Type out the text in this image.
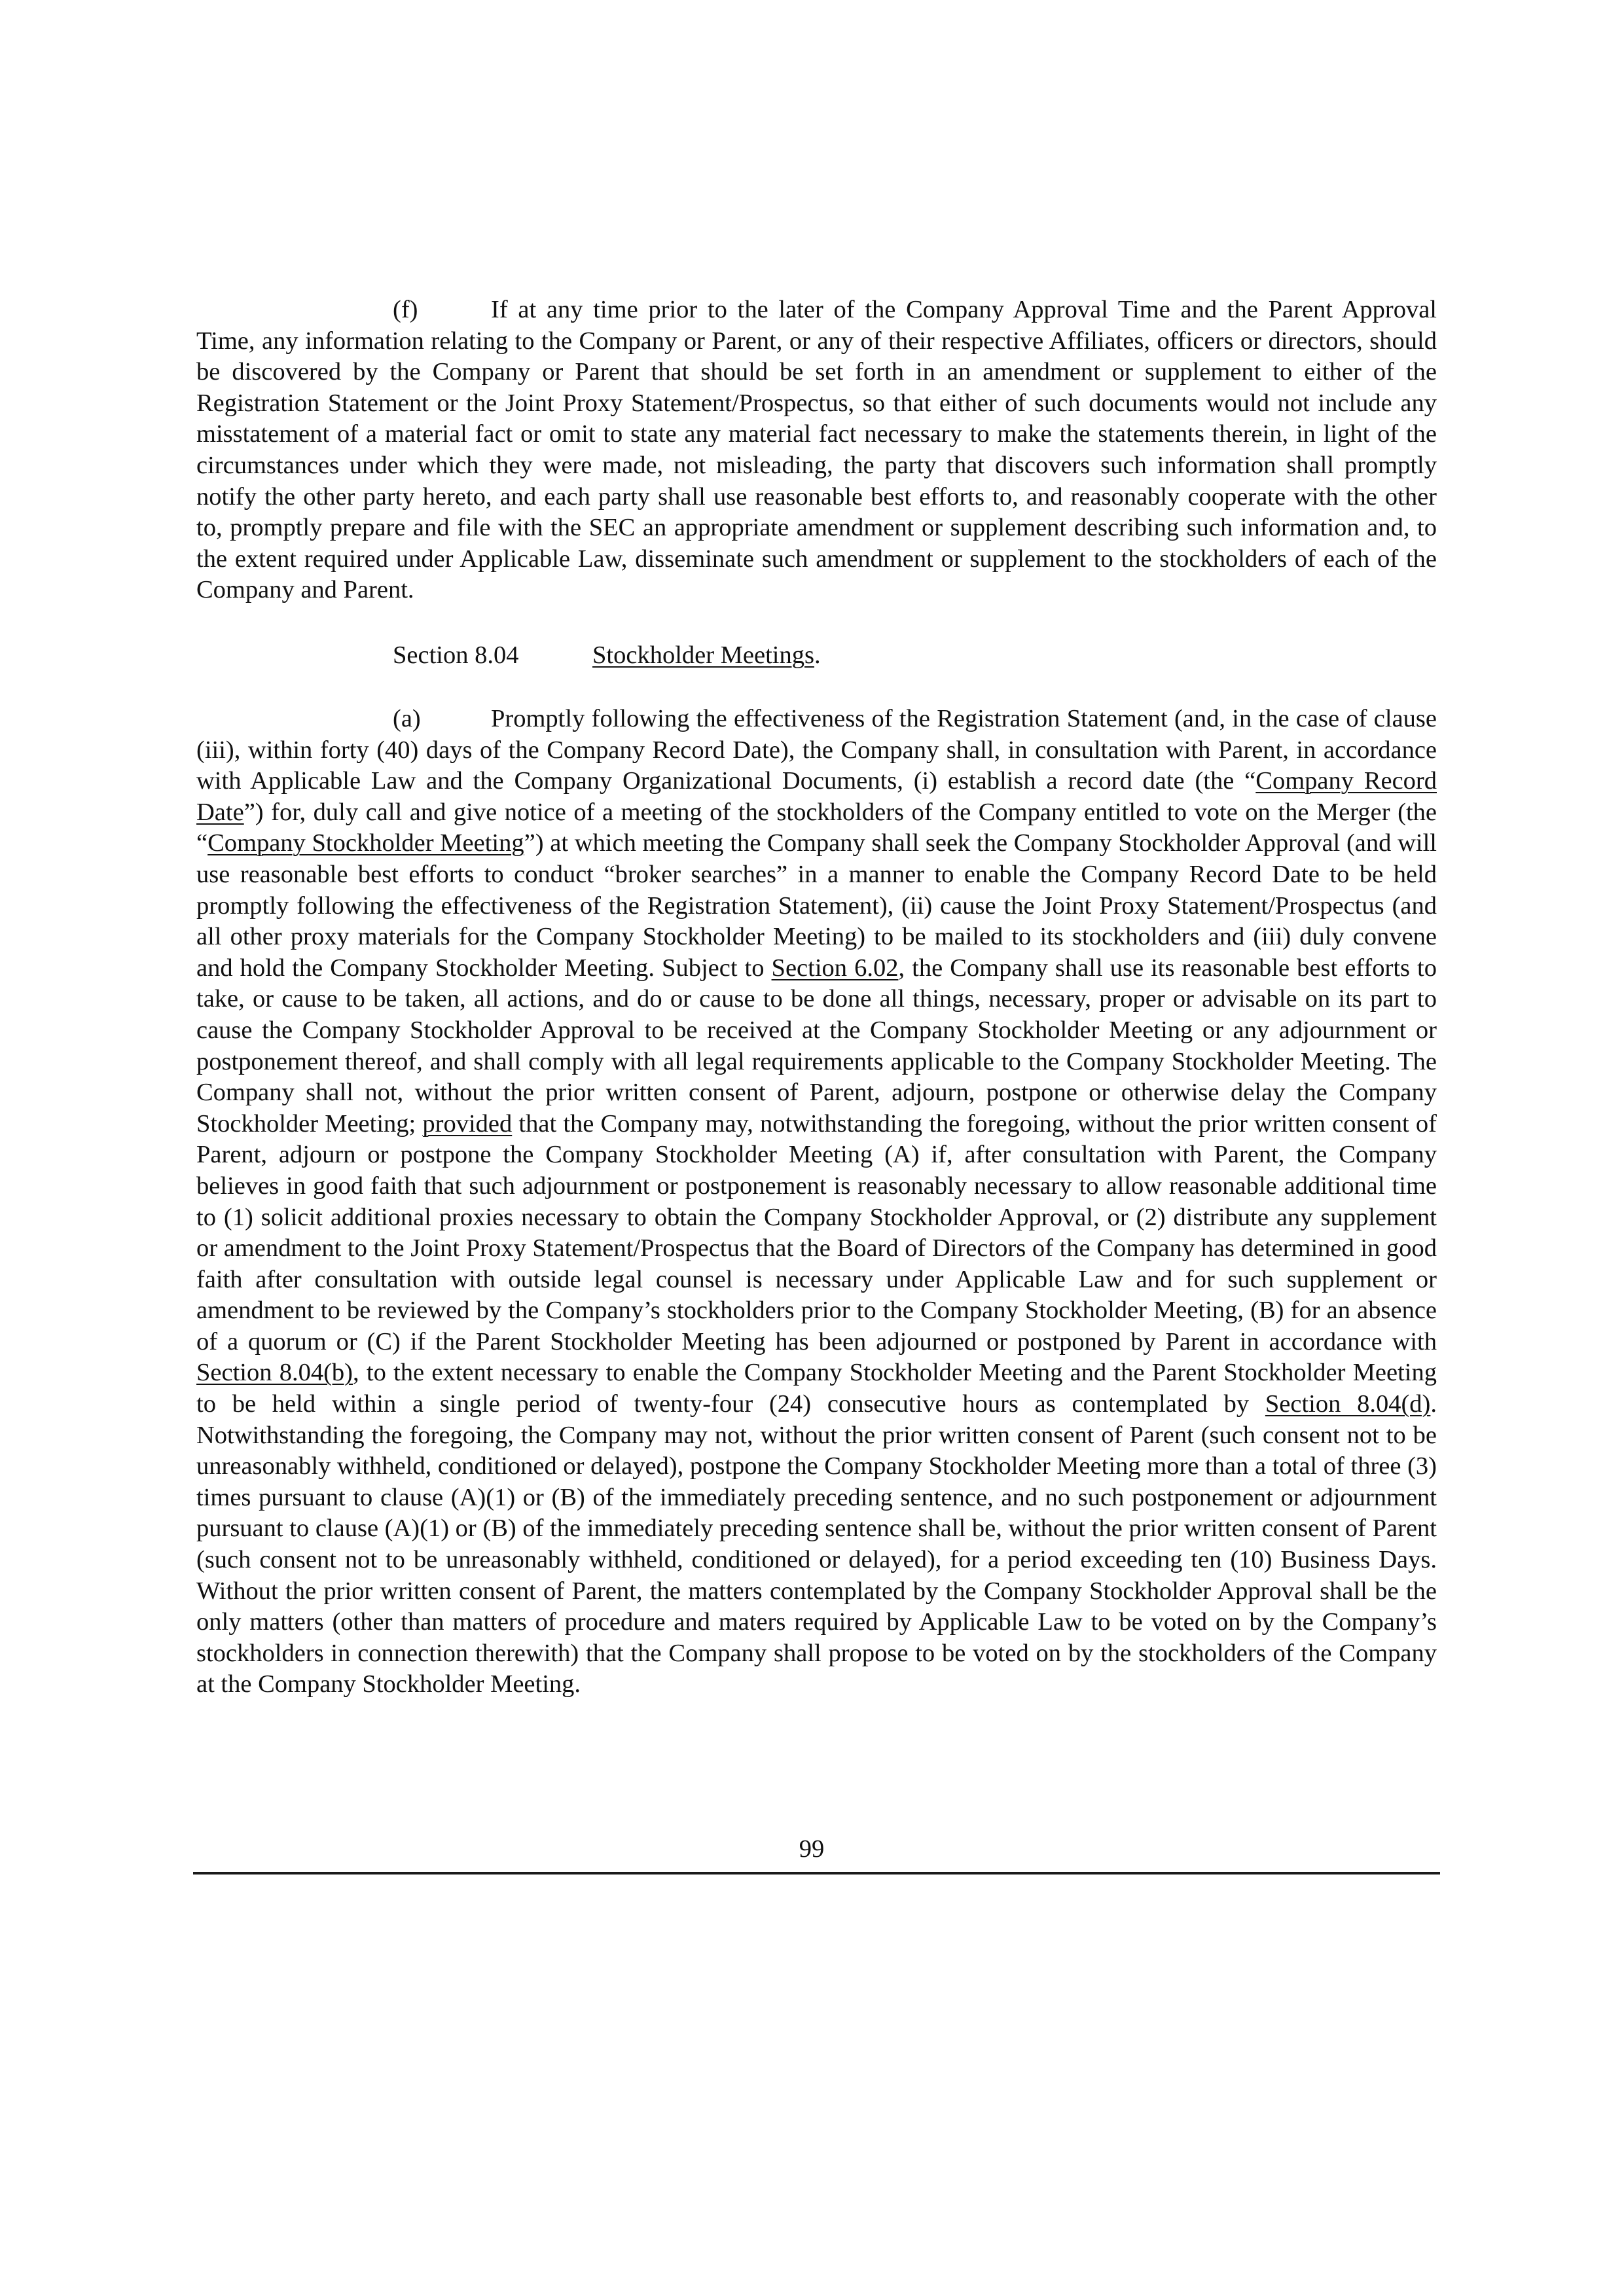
(f)	If at any time prior to the later of the Company Approval Time and the Parent Approval Time, any information relating to the Company or Parent, or any of their respective Affiliates, officers or directors, should be discovered by the Company or Parent that should be set forth in an amendment or supplement to either of the Registration Statement or the Joint Proxy Statement/Prospectus, so that either of such documents would not include any misstatement of a material fact or omit to state any material fact necessary to make the statements therein, in light of the circumstances under which they were made, not misleading, the party that discovers such information shall promptly notify the other party hereto, and each party shall use reasonable best efforts to, and reasonably cooperate with the other to, promptly prepare and file with the SEC an appropriate amendment or supplement describing such information and, to the extent required under Applicable Law, disseminate such amendment or supplement to the stockholders of each of the Company and Parent.

Section 8.04	Stockholder Meetings.

(a)	Promptly following the effectiveness of the Registration Statement (and, in the case of clause (iii), within forty (40) days of the Company Record Date), the Company shall, in consultation with Parent, in accordance with Applicable Law and the Company Organizational Documents, (i) establish a record date (the “Company Record Date”) for, duly call and give notice of a meeting of the stockholders of the Company entitled to vote on the Merger (the “Company Stockholder Meeting”) at which meeting the Company shall seek the Company Stockholder Approval (and will use reasonable best efforts to conduct “broker searches” in a manner to enable the Company Record Date to be held promptly following the effectiveness of the Registration Statement), (ii) cause the Joint Proxy Statement/Prospectus (and all other proxy materials for the Company Stockholder Meeting) to be mailed to its stockholders and (iii) duly convene and hold the Company Stockholder Meeting. Subject to Section 6.02, the Company shall use its reasonable best efforts to take, or cause to be taken, all actions, and do or cause to be done all things, necessary, proper or advisable on its part to cause the Company Stockholder Approval to be received at the Company Stockholder Meeting or any adjournment or postponement thereof, and shall comply with all legal requirements applicable to the Company Stockholder Meeting. The Company shall not, without the prior written consent of Parent, adjourn, postpone or otherwise delay the Company Stockholder Meeting; provided that the Company may, notwithstanding the foregoing, without the prior written consent of Parent, adjourn or postpone the Company Stockholder Meeting (A) if, after consultation with Parent, the Company believes in good faith that such adjournment or postponement is reasonably necessary to allow reasonable additional time to (1) solicit additional proxies necessary to obtain the Company Stockholder Approval, or (2) distribute any supplement or amendment to the Joint Proxy Statement/Prospectus that the Board of Directors of the Company has determined in good faith after consultation with outside legal counsel is necessary under Applicable Law and for such supplement or amendment to be reviewed by the Company’s stockholders prior to the Company Stockholder Meeting, (B) for an absence of a quorum or (C) if the Parent Stockholder Meeting has been adjourned or postponed by Parent in accordance with Section 8.04(b), to the extent necessary to enable the Company Stockholder Meeting and the Parent Stockholder Meeting to be held within a single period of twenty-four (24) consecutive hours as contemplated by Section 8.04(d). Notwithstanding the foregoing, the Company may not, without the prior written consent of Parent (such consent not to be unreasonably withheld, conditioned or delayed), postpone the Company Stockholder Meeting more than a total of three (3) times pursuant to clause (A)(1) or (B) of the immediately preceding sentence, and no such postponement or adjournment pursuant to clause (A)(1) or (B) of the immediately preceding sentence shall be, without the prior written consent of Parent (such consent not to be unreasonably withheld, conditioned or delayed), for a period exceeding ten (10) Business Days. Without the prior written consent of Parent, the matters contemplated by the Company Stockholder Approval shall be the only matters (other than matters of procedure and maters required by Applicable Law to be voted on by the Company’s stockholders in connection therewith) that the Company shall propose to be voted on by the stockholders of the Company at the Company Stockholder Meeting.

99
